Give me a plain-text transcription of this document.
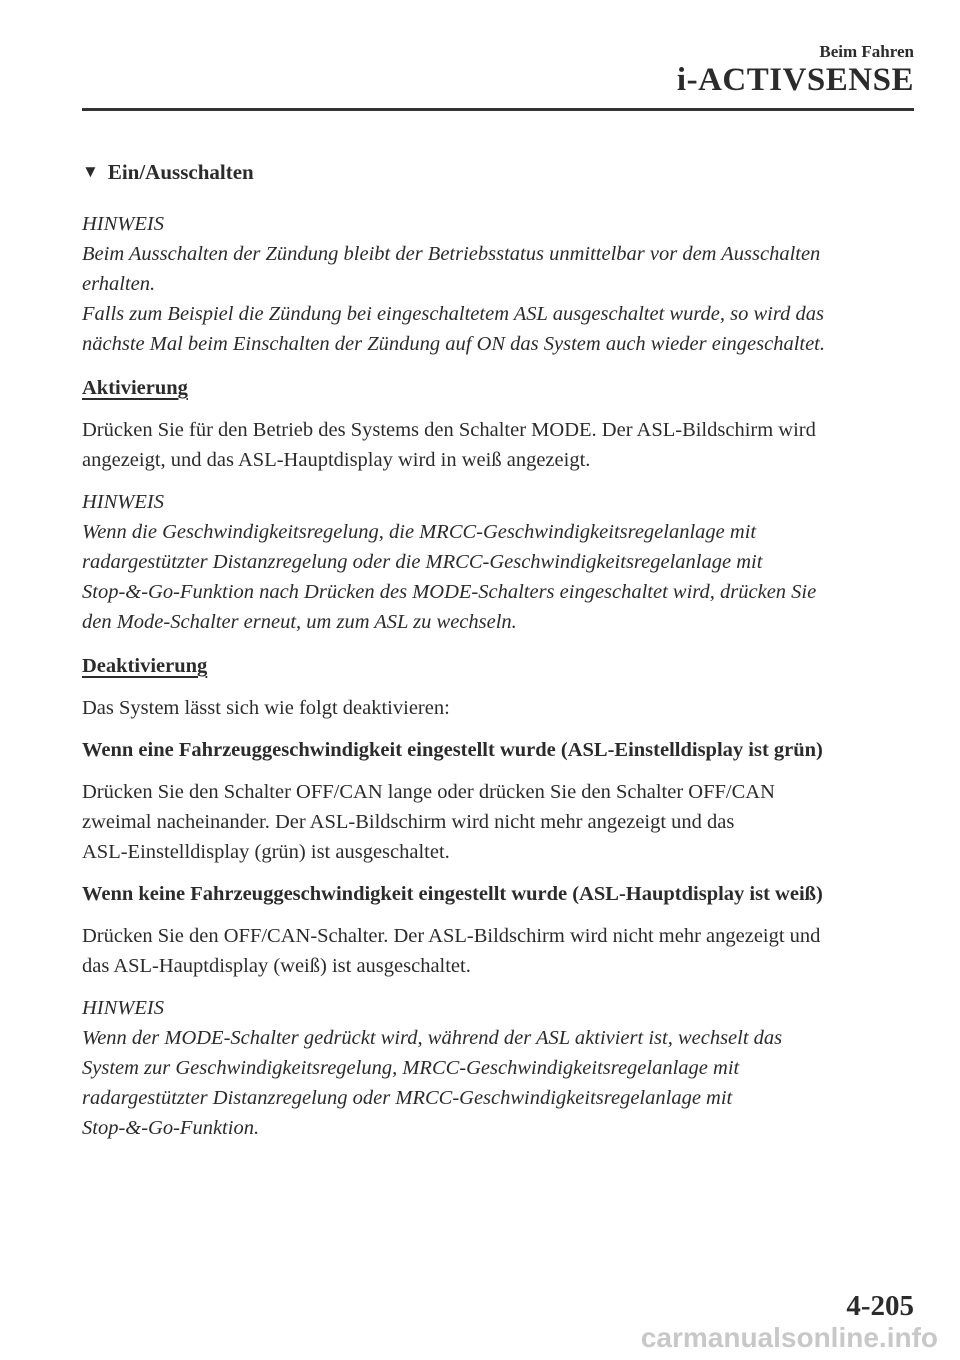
Beim Fahren
i-ACTIVSENSE
▼ Ein/Ausschalten
HINWEIS

Beim Ausschalten der Zündung bleibt der Betriebsstatus unmittelbar vor dem Ausschalten

erhalten.

Falls zum Beispiel die Zündung bei eingeschaltetem ASL ausgeschaltet wurde, so wird das

nächste Mal beim Einschalten der Zündung auf ON das System auch wieder eingeschaltet.

Aktivierung

Drücken Sie für den Betrieb des Systems den Schalter MODE. Der ASL-Bildschirm wird

angezeigt, und das ASL-Hauptdisplay wird in weiß angezeigt.

HINWEIS

Wenn die Geschwindigkeitsregelung, die MRCC-Geschwindigkeitsregelanlage mit

radargestützter Distanzregelung oder die MRCC-Geschwindigkeitsregelanlage mit

Stop-&-Go-Funktion nach Drücken des MODE-Schalters eingeschaltet wird, drücken Sie

den Mode-Schalter erneut, um zum ASL zu wechseln.

Deaktivierung

Das System lässt sich wie folgt deaktivieren:

Wenn eine Fahrzeuggeschwindigkeit eingestellt wurde (ASL-Einstelldisplay ist grün)

Drücken Sie den Schalter OFF/CAN lange oder drücken Sie den Schalter OFF/CAN

zweimal nacheinander. Der ASL-Bildschirm wird nicht mehr angezeigt und das

ASL-Einstelldisplay (grün) ist ausgeschaltet.

Wenn keine Fahrzeuggeschwindigkeit eingestellt wurde (ASL-Hauptdisplay ist weiß)

Drücken Sie den OFF/CAN-Schalter. Der ASL-Bildschirm wird nicht mehr angezeigt und

das ASL-Hauptdisplay (weiß) ist ausgeschaltet.

HINWEIS

Wenn der MODE-Schalter gedrückt wird, während der ASL aktiviert ist, wechselt das

System zur Geschwindigkeitsregelung, MRCC-Geschwindigkeitsregelanlage mit

radargestützter Distanzregelung oder MRCC-Geschwindigkeitsregelanlage mit

Stop-&-Go-Funktion.

4-205
carmanualsonline.info
